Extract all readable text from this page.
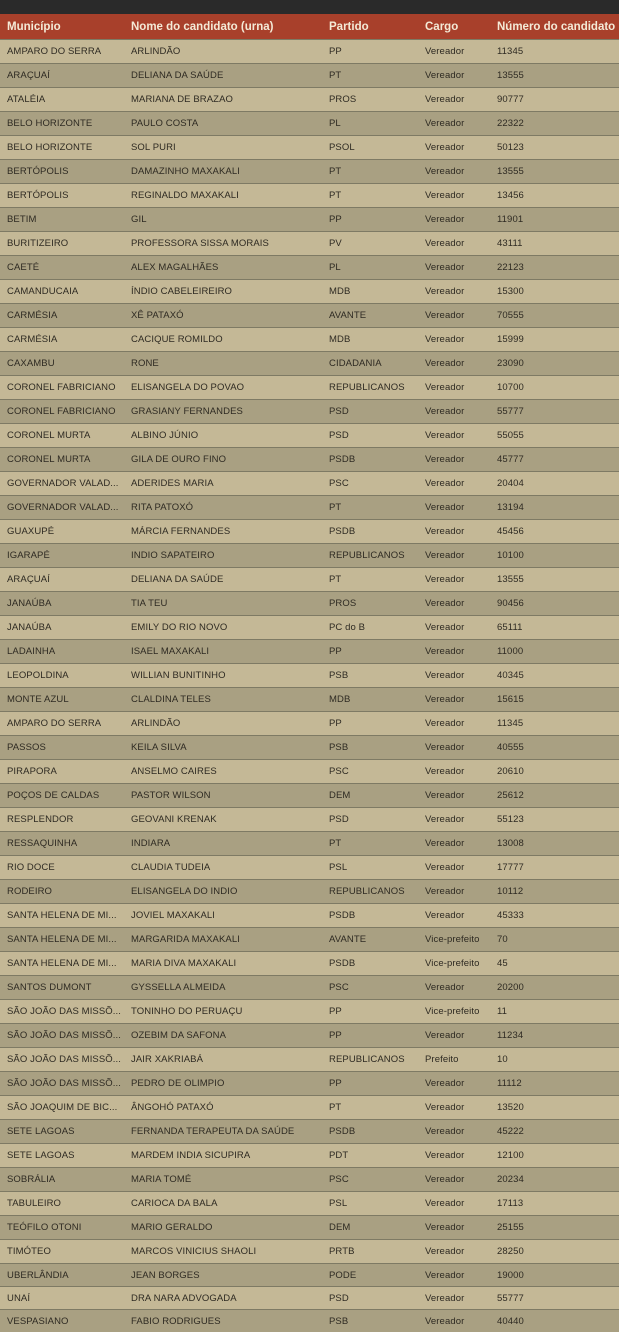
Município	Nome do candidato (urna)	Partido	Cargo	Número do candidato
AMPARO DO SERRA	ARLINDÃO	PP	Vereador	11345
ARAÇUAÍ	DELIANA DA SAÚDE	PT	Vereador	13555
ATALÉIA	MARIANA DE BRAZAO	PROS	Vereador	90777
BELO HORIZONTE	PAULO COSTA	PL	Vereador	22322
BELO HORIZONTE	SOL PURI	PSOL	Vereador	50123
BERTÓPOLIS	DAMAZINHO MAXAKALI	PT	Vereador	13555
BERTÓPOLIS	REGINALDO MAXAKALI	PT	Vereador	13456
BETIM	GIL	PP	Vereador	11901
BURITIZEIRO	PROFESSORA SISSA MORAIS	PV	Vereador	43111
CAETÉ	ALEX MAGALHÃES	PL	Vereador	22123
CAMANDUCAIA	ÍNDIO CABELEIREIRO	MDB	Vereador	15300
CARMÉSIA	XÊ PATAXÓ	AVANTE	Vereador	70555
CARMÉSIA	CACIQUE ROMILDO	MDB	Vereador	15999
CAXAMBU	RONE	CIDADANIA	Vereador	23090
CORONEL FABRICIANO	ELISANGELA DO POVAO	REPUBLICANOS	Vereador	10700
CORONEL FABRICIANO	GRASIANY FERNANDES	PSD	Vereador	55777
CORONEL MURTA	ALBINO JÚNIO	PSD	Vereador	55055
CORONEL MURTA	GILA DE OURO FINO	PSDB	Vereador	45777
GOVERNADOR VALAD...	ADERIDES MARIA	PSC	Vereador	20404
GOVERNADOR VALAD...	RITA PATOXÓ	PT	Vereador	13194
GUAXUPÉ	MÁRCIA FERNANDES	PSDB	Vereador	45456
IGARAPÉ	INDIO SAPATEIRO	REPUBLICANOS	Vereador	10100
ARAÇUAÍ	DELIANA DA SAÚDE	PT	Vereador	13555
JANAÚBA	TIA TEU	PROS	Vereador	90456
JANAÚBA	EMILY DO RIO NOVO	PC do B	Vereador	65111
LADAINHA	ISAEL MAXAKALI	PP	Vereador	11000
LEOPOLDINA	WILLIAN BUNITINHO	PSB	Vereador	40345
MONTE AZUL	CLALDINA TELES	MDB	Vereador	15615
AMPARO DO SERRA	ARLINDÃO	PP	Vereador	11345
PASSOS	KEILA SILVA	PSB	Vereador	40555
PIRAPORA	ANSELMO CAIRES	PSC	Vereador	20610
POÇOS DE CALDAS	PASTOR WILSON	DEM	Vereador	25612
RESPLENDOR	GEOVANI KRENAK	PSD	Vereador	55123
RESSAQUINHA	INDIARA	PT	Vereador	13008
RIO DOCE	CLAUDIA TUDEIA	PSL	Vereador	17777
RODEIRO	ELISANGELA DO INDIO	REPUBLICANOS	Vereador	10112
SANTA HELENA DE MI...	JOVIEL MAXAKALI	PSDB	Vereador	45333
SANTA HELENA DE MI...	MARGARIDA MAXAKALI	AVANTE	Vice-prefeito	70
SANTA HELENA DE MI...	MARIA DIVA MAXAKALI	PSDB	Vice-prefeito	45
SANTOS DUMONT	GYSSELLA ALMEIDA	PSC	Vereador	20200
SÃO JOÃO DAS MISSÕ...	TONINHO DO PERUAÇU	PP	Vice-prefeito	11
SÃO JOÃO DAS MISSÕ...	OZEBIM DA SAFONA	PP	Vereador	11234
SÃO JOÃO DAS MISSÕ...	JAIR XAKRIABÁ	REPUBLICANOS	Prefeito	10
SÃO JOÃO DAS MISSÕ...	PEDRO DE OLIMPIO	PP	Vereador	11112
SÃO JOAQUIM DE BIC...	ÂNGOHÓ PATAXÓ	PT	Vereador	13520
SETE LAGOAS	FERNANDA TERAPEUTA DA SAÚDE	PSDB	Vereador	45222
SETE LAGOAS	MARDEM INDIA SICUPIRA	PDT	Vereador	12100
SOBRÁLIA	MARIA TOMÉ	PSC	Vereador	20234
TABULEIRO	CARIOCA DA BALA	PSL	Vereador	17113
TEÓFILO OTONI	MARIO GERALDO	DEM	Vereador	25155
TIMÓTEO	MARCOS VINICIUS SHAOLI	PRTB	Vereador	28250
UBERLÂNDIA	JEAN BORGES	PODE	Vereador	19000
UNAÍ	DRA NARA ADVOGADA	PSD	Vereador	55777
VESPASIANO	FABIO RODRIGUES	PSB	Vereador	40440
